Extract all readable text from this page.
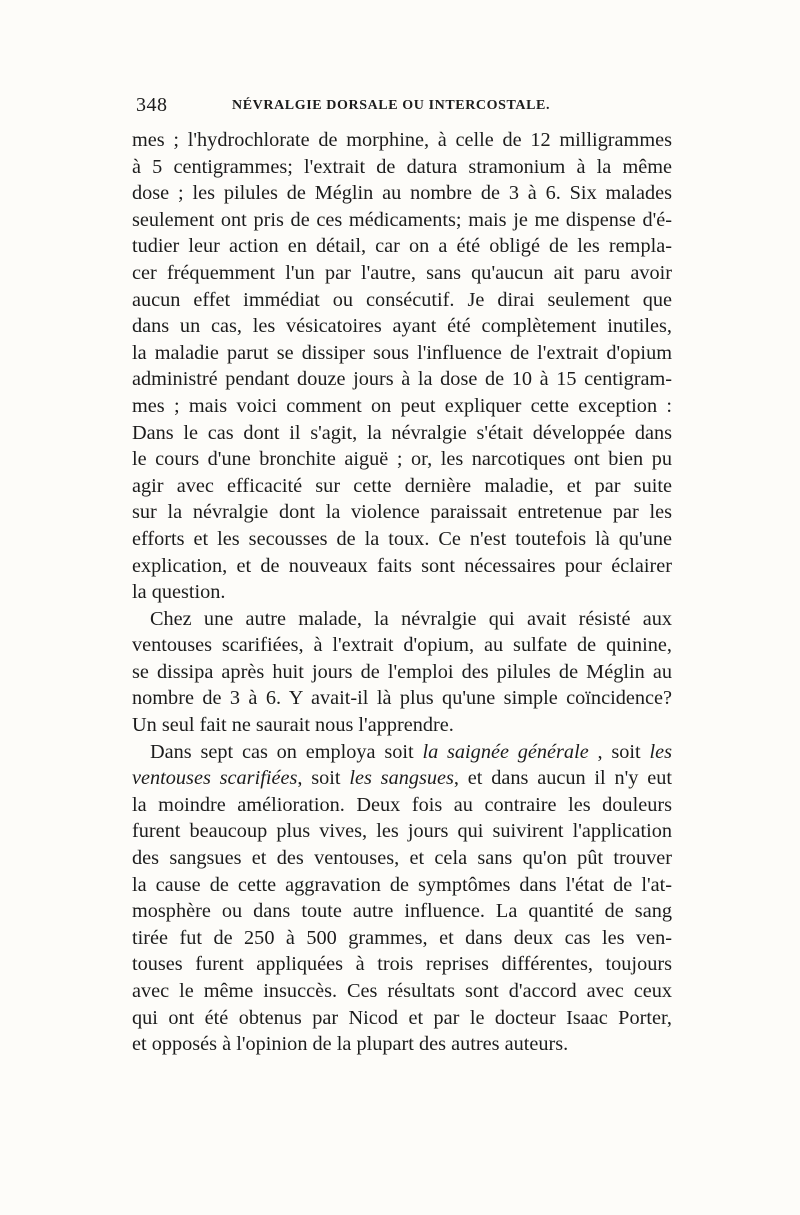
348	NÉVRALGIE DORSALE OU INTERCOSTALE.
mes ; l'hydrochlorate de morphine, à celle de 12 milligrammes
à 5 centigrammes; l'extrait de datura stramonium à la même
dose ; les pilules de Méglin au nombre de 3 à 6. Six malades
seulement ont pris de ces médicaments; mais je me dispense d'é-
tudier leur action en détail, car on a été obligé de les rempla-
cer fréquemment l'un par l'autre, sans qu'aucun ait paru avoir
aucun effet immédiat ou consécutif. Je dirai seulement que
dans un cas, les vésicatoires ayant été complètement inutiles,
la maladie parut se dissiper sous l'influence de l'extrait d'opium
administré pendant douze jours à la dose de 10 à 15 centigram-
mes ; mais voici comment on peut expliquer cette exception :
Dans le cas dont il s'agit, la névralgie s'était développée dans
le cours d'une bronchite aiguë ; or, les narcotiques ont bien pu
agir avec efficacité sur cette dernière maladie, et par suite
sur la névralgie dont la violence paraissait entretenue par les
efforts et les secousses de la toux. Ce n'est toutefois là qu'une
explication, et de nouveaux faits sont nécessaires pour éclairer
la question.
Chez une autre malade, la névralgie qui avait résisté aux
ventouses scarifiées, à l'extrait d'opium, au sulfate de quinine,
se dissipa après huit jours de l'emploi des pilules de Méglin au
nombre de 3 à 6. Y avait-il là plus qu'une simple coïncidence?
Un seul fait ne saurait nous l'apprendre.
Dans sept cas on employa soit la saignée générale , soit les
ventouses scarifiées, soit les sangsues, et dans aucun il n'y eut
la moindre amélioration. Deux fois au contraire les douleurs
furent beaucoup plus vives, les jours qui suivirent l'application
des sangsues et des ventouses, et cela sans qu'on pût trouver
la cause de cette aggravation de symptômes dans l'état de l'at-
mosphère ou dans toute autre influence. La quantité de sang
tirée fut de 250 à 500 grammes, et dans deux cas les ven-
touses furent appliquées à trois reprises différentes, toujours
avec le même insuccès. Ces résultats sont d'accord avec ceux
qui ont été obtenus par Nicod et par le docteur Isaac Porter,
et opposés à l'opinion de la plupart des autres auteurs.
